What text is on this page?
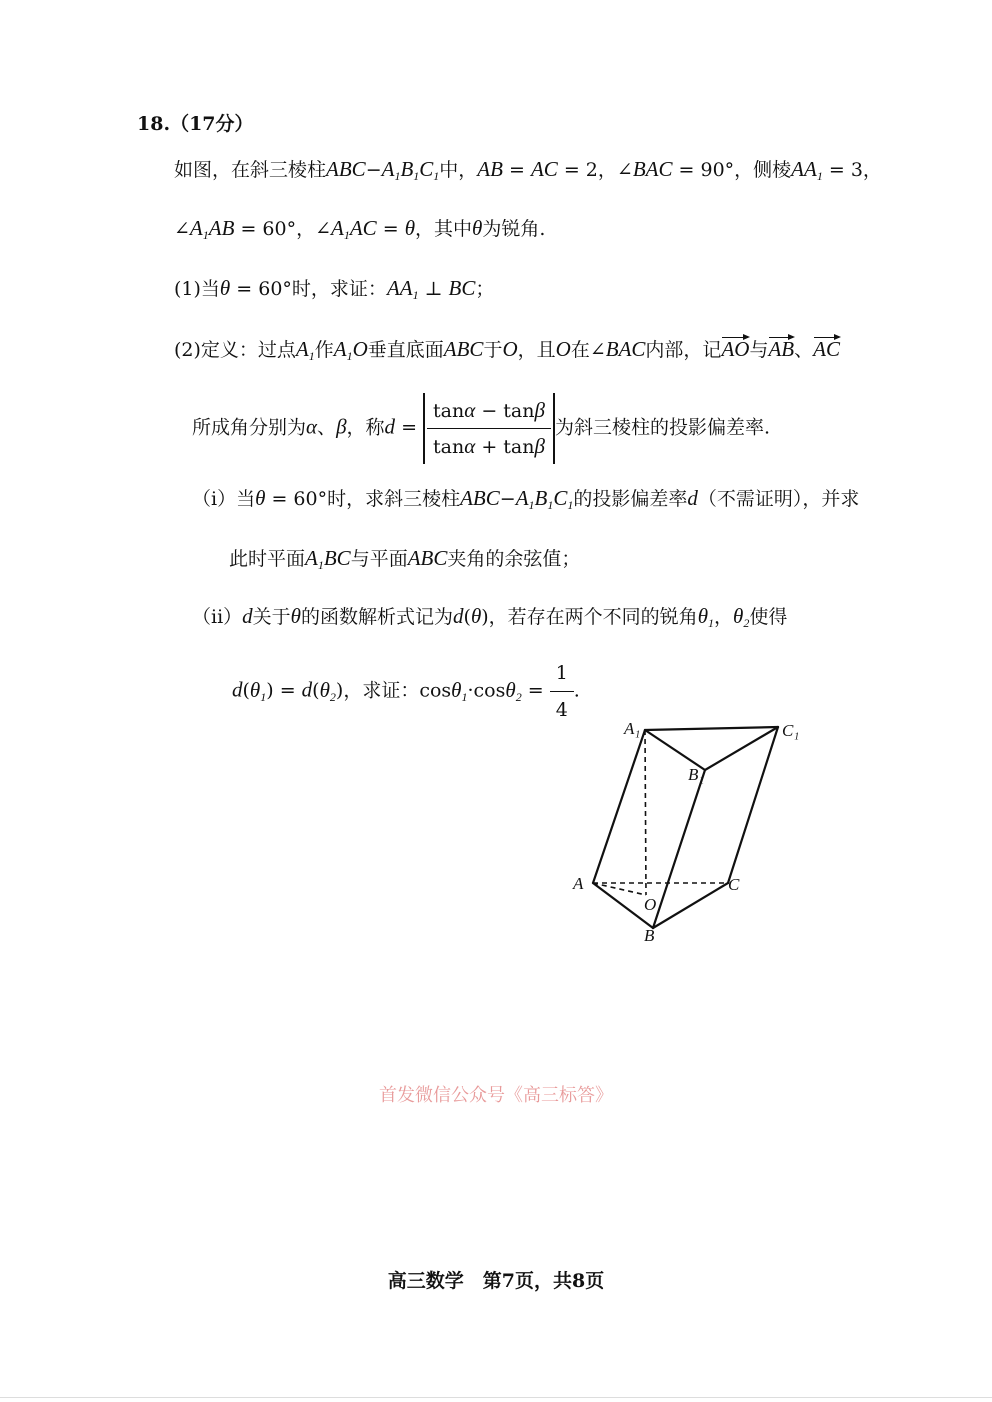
18.（17分）
如图，在斜三棱柱$ABC-A_1B_1C_1$中，AB = AC = 2，∠BAC = 90°，侧棱$AA_1 = 3$，
$\angle A_1AB = 60^\circ$，$\angle A_1AC = \theta$，其中θ为锐角.
(1)当θ = 60°时，求证：$AA_1$ ⊥ BC；
(2)定义：过点$A_1$作$A_1O$垂直底面ABC于O，且O在∠BAC内部，记AO与AB、AC
所成角分别为α、β，称$d = \frac{\tan\alpha - \tan\beta}{\tan\alpha + \tan\beta}$ 为斜三棱柱的投影偏差率.
（i）当θ = 60°时，求斜三棱柱$ABC-A_1B_1C_1$的投影偏差率d（不需证明），并求
此时平面$A_1BC$与平面ABC夹角的余弦值；
（ii）d关于θ的函数解析式记为d(θ)，若存在两个不同的锐角$\theta_1$，$\theta_2$使得
$d(\theta_1) = d(\theta_2)$，求证：$\cos\theta_1\cdot\cos\theta_2 = \frac{1}{4}$ .
A₁	C₁
B₁
A	C
O
B
首发微信公众号《高三标答》
高三数学　第7页，共8页
